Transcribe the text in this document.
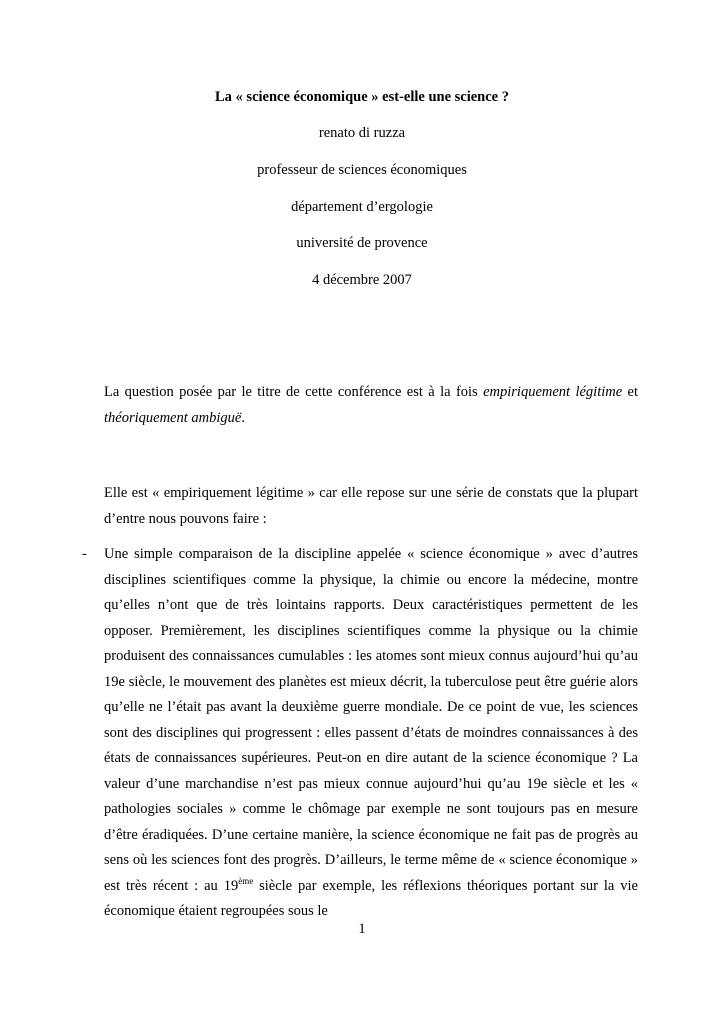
La « science économique » est-elle une science ?
renato di ruzza
professeur de sciences économiques
département d’ergologie
université de provence
4 décembre 2007

La question posée par le titre de cette conférence est à la fois empiriquement légitime et théoriquement ambiguë.

Elle est « empiriquement légitime » car elle repose sur une série de constats que la plupart d’entre nous pouvons faire :

- Une simple comparaison de la discipline appelée « science économique » avec d’autres disciplines scientifiques comme la physique, la chimie ou encore la médecine, montre qu’elles n’ont que de très lointains rapports. Deux caractéristiques permettent de les opposer. Premièrement, les disciplines scientifiques comme la physique ou la chimie produisent des connaissances cumulables : les atomes sont mieux connus aujourd’hui qu’au 19e siècle, le mouvement des planètes est mieux décrit, la tuberculose peut être guérie alors qu’elle ne l’était pas avant la deuxième guerre mondiale. De ce point de vue, les sciences sont des disciplines qui progressent : elles passent d’états de moindres connaissances à des états de connaissances supérieures. Peut-on en dire autant de la science économique ? La valeur d’une marchandise n’est pas mieux connue aujourd’hui qu’au 19e siècle et les « pathologies sociales » comme le chômage par exemple ne sont toujours pas en mesure d’être éradiquées. D’une certaine manière, la science économique ne fait pas de progrès au sens où les sciences font des progrès. D’ailleurs, le terme même de « science économique » est très récent : au 19ème siècle par exemple, les réflexions théoriques portant sur la vie économique étaient regroupées sous le

1
